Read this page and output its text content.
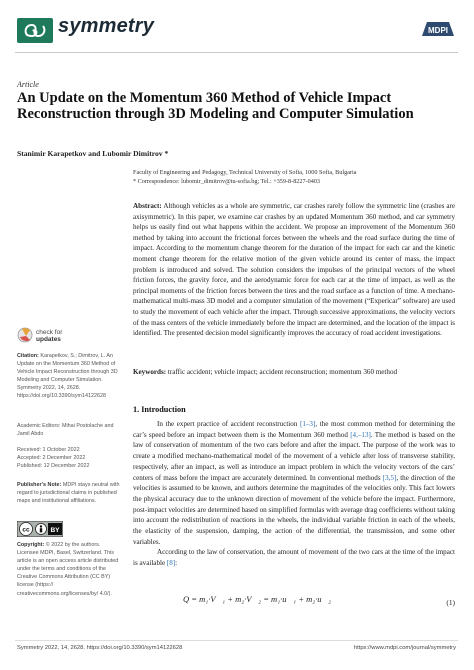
symmetry	MDPI
Article
An Update on the Momentum 360 Method of Vehicle Impact Reconstruction through 3D Modeling and Computer Simulation
Stanimir Karapetkov and Lubomir Dimitrov *
Faculty of Engineering and Pedagogy, Technical University of Sofia, 1000 Sofia, Bulgaria
* Correspondence: lubomir_dimitrov@tu-sofia.bg; Tel.: +359-8-8227-0403
Abstract: Although vehicles as a whole are symmetric, car crashes rarely follow the symmetric line (crashes are axisymmetric). In this paper, we examine car crashes by an updated Momentum 360 method, and car symmetry helps us easily find out what happens within the accident. We propose an improvement of the Momentum 360 method by taking into account the frictional forces between the wheels and the road surface during the time of impact. According to the momentum change theorem for the duration of the impact for each car and the kinetic moment change theorem for the relative motion of the given vehicle around its center of mass, the impact problem is introduced and solved. The solution considers the impulses of the principal vectors of the wheel friction forces, the gravity force, and the aerodynamic force for each car at the time of impact, as well as the principal moments of the friction forces between the tires and the road surface as a function of time. A mechano-mathematical multi-mass 3D model and a computer simulation of the movement (“Expericar” software) are used to study the movement of each vehicle after the impact. Through successive approximations, the velocity vectors of the mass centers of the vehicle immediately before the impact are determined, and the location of the impact is identified. The presented decision model significantly improves the accuracy of road accident investigations.
Keywords: traffic accident; vehicle impact; accident reconstruction; momentum 360 method
check for
updates
Citation: Karapetkov, S.; Dimitrov, L. An Update on the Momentum 360 Method of Vehicle Impact Reconstruction through 3D Modeling and Computer Simulation. Symmetry 2022, 14, 2628. https://doi.org/10.3390/sym14122628
Academic Editors: Mihai Postolache and Jamil Abdo
Received: 1 October 2022
Accepted: 2 December 2022
Published: 12 December 2022
Publisher’s Note: MDPI stays neutral with regard to jurisdictional claims in published maps and institutional affiliations.
cc	BY
Copyright: © 2022 by the authors. Licensee MDPI, Basel, Switzerland. This article is an open access article distributed under the terms and conditions of the Creative Commons Attribution (CC BY) license (https:// creativecommons.org/licenses/by/ 4.0/).
1. Introduction

In the expert practice of accident reconstruction [1–3], the most common method for determining the car’s speed before an impact between them is the Momentum 360 method [4,–13]. The method is based on the law of conservation of momentum of the two cars before and after the impact. The purpose of the work was to create a modified mechano-mathematical model of the movement of a vehicle after loss of transverse stability, respectively, after an impact, as well as introduce an impact problem in which the velocity vectors of the cars’ centers of mass before the impact are accurately determined. In conventional methods [3,5], the direction of the velocities is assumed to be known, and authors determine the magnitudes of the velocities only. This fact lowers the physical accuracy due to the unknown direction of movement of the vehicle before the impact. Furthermore, post-impact velocities are determined based on simplified formulas with average drag coefficients without taking into account the redistribution of reactions in the wheels, the individual variable friction in each of the wheels, the elasticity of the suspension, damping, the action of the differential, the transmission, and some other variables.

According to the law of conservation, the amount of movement of the two cars at the time of the impact is available [8]:

Q = m₁·V⃗₁ + m₂·V⃗₂ = m₁·u⃗₁ + m₂·u⃗₂	(1)
Symmetry 2022, 14, 2628. https://doi.org/10.3390/sym14122628	https://www.mdpi.com/journal/symmetry
